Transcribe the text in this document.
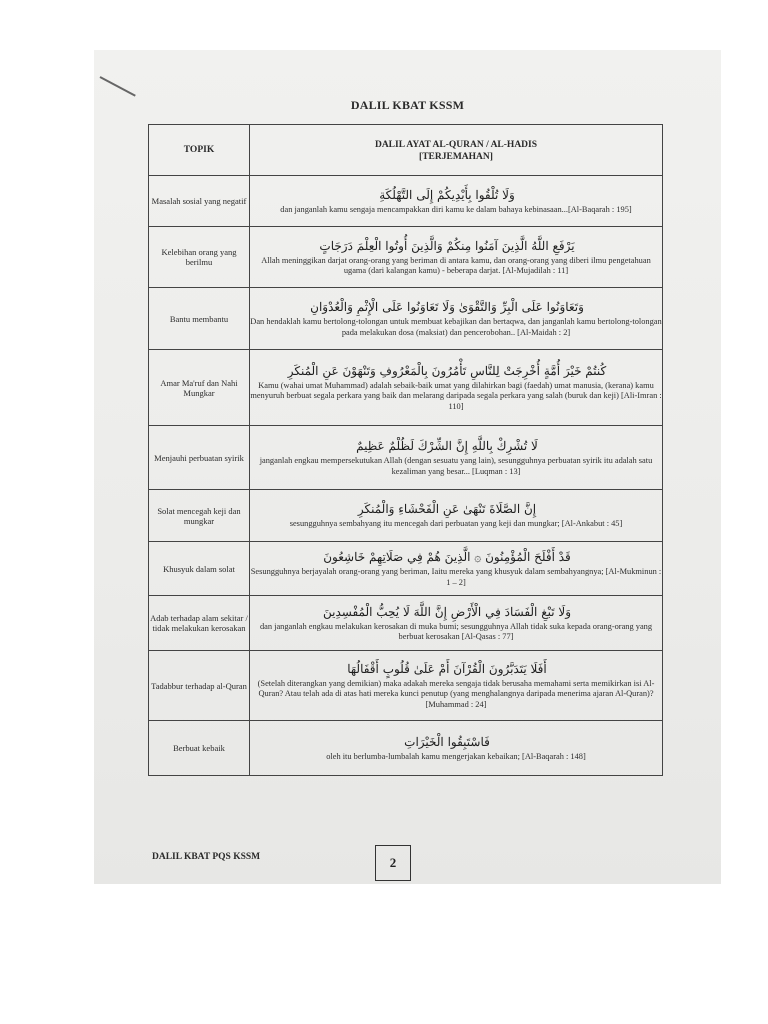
DALIL KBAT KSSM
TOPIK	DALIL AYAT AL-QURAN / AL-HADIS
[TERJEMAHAN]

Masalah sosial yang negatif	وَلَا تُلْقُوا بِأَيْدِيكُمْ إِلَى التَّهْلُكَةِ
dan janganlah kamu sengaja mencampakkan diri kamu ke dalam bahaya kebinasaan...[Al-Baqarah : 195]

Kelebihan orang yang berilmu	يَرْفَعِ اللَّهُ الَّذِينَ آمَنُوا مِنكُمْ وَالَّذِينَ أُوتُوا الْعِلْمَ دَرَجَاتٍ
Allah meninggikan darjat orang-orang yang beriman di antara kamu, dan orang-orang yang diberi ilmu pengetahuan ugama (dari kalangan kamu) - beberapa darjat. [Al-Mujadilah : 11]

Bantu membantu	وَتَعَاوَنُوا عَلَى الْبِرِّ وَالتَّقْوَىٰ وَلَا تَعَاوَنُوا عَلَى الْإِثْمِ وَالْعُدْوَانِ
Dan hendaklah kamu bertolong-tolongan untuk membuat kebajikan dan bertaqwa, dan janganlah kamu bertolong-tolongan pada melakukan dosa (maksiat) dan pencerobohan.. [Al-Maidah : 2]

Amar Ma'ruf dan Nahi Mungkar	كُنتُمْ خَيْرَ أُمَّةٍ أُخْرِجَتْ لِلنَّاسِ تَأْمُرُونَ بِالْمَعْرُوفِ وَتَنْهَوْنَ عَنِ الْمُنكَرِ
Kamu (wahai umat Muhammad) adalah sebaik-baik umat yang dilahirkan bagi (faedah) umat manusia, (kerana) kamu menyuruh berbuat segala perkara yang baik dan melarang daripada segala perkara yang salah (buruk dan keji) [Ali-Imran : 110]

Menjauhi perbuatan syirik	لَا تُشْرِكْ بِاللَّهِ إِنَّ الشِّرْكَ لَظُلْمٌ عَظِيمٌ
janganlah engkau mempersekutukan Allah (dengan sesuatu yang lain), sesungguhnya perbuatan syirik itu adalah satu kezaliman yang besar... [Luqman : 13]

Solat mencegah keji dan mungkar	إِنَّ الصَّلَاةَ تَنْهَىٰ عَنِ الْفَحْشَاءِ وَالْمُنكَرِ
sesungguhnya sembahyang itu mencegah dari perbuatan yang keji dan mungkar; [Al-Ankabut : 45]

Khusyuk dalam solat	قَدْ أَفْلَحَ الْمُؤْمِنُونَ ۞ الَّذِينَ هُمْ فِي صَلَاتِهِمْ خَاشِعُونَ
Sesungguhnya berjayalah orang-orang yang beriman, Iaitu mereka yang khusyuk dalam sembahyangnya; [Al-Mukminun : 1 – 2]

Adab terhadap alam sekitar / tidak melakukan kerosakan	وَلَا تَبْغِ الْفَسَادَ فِي الْأَرْضِ إِنَّ اللَّهَ لَا يُحِبُّ الْمُفْسِدِينَ
dan janganlah engkau melakukan kerosakan di muka bumi; sesungguhnya Allah tidak suka kepada orang-orang yang berbuat kerosakan [Al-Qasas : 77]

Tadabbur terhadap al-Quran	أَفَلَا يَتَدَبَّرُونَ الْقُرْآنَ أَمْ عَلَىٰ قُلُوبٍ أَقْفَالُهَا
(Setelah diterangkan yang demikian) maka adakah mereka sengaja tidak berusaha memahami serta memikirkan isi Al-Quran? Atau telah ada di atas hati mereka kunci penutup (yang menghalangnya daripada menerima ajaran Al-Quran)? [Muhammad : 24]

Berbuat kebaik	فَاسْتَبِقُوا الْخَيْرَاتِ
oleh itu berlumba-lumbalah kamu mengerjakan kebaikan; [Al-Baqarah : 148]
DALIL KBAT PQS KSSM	2
